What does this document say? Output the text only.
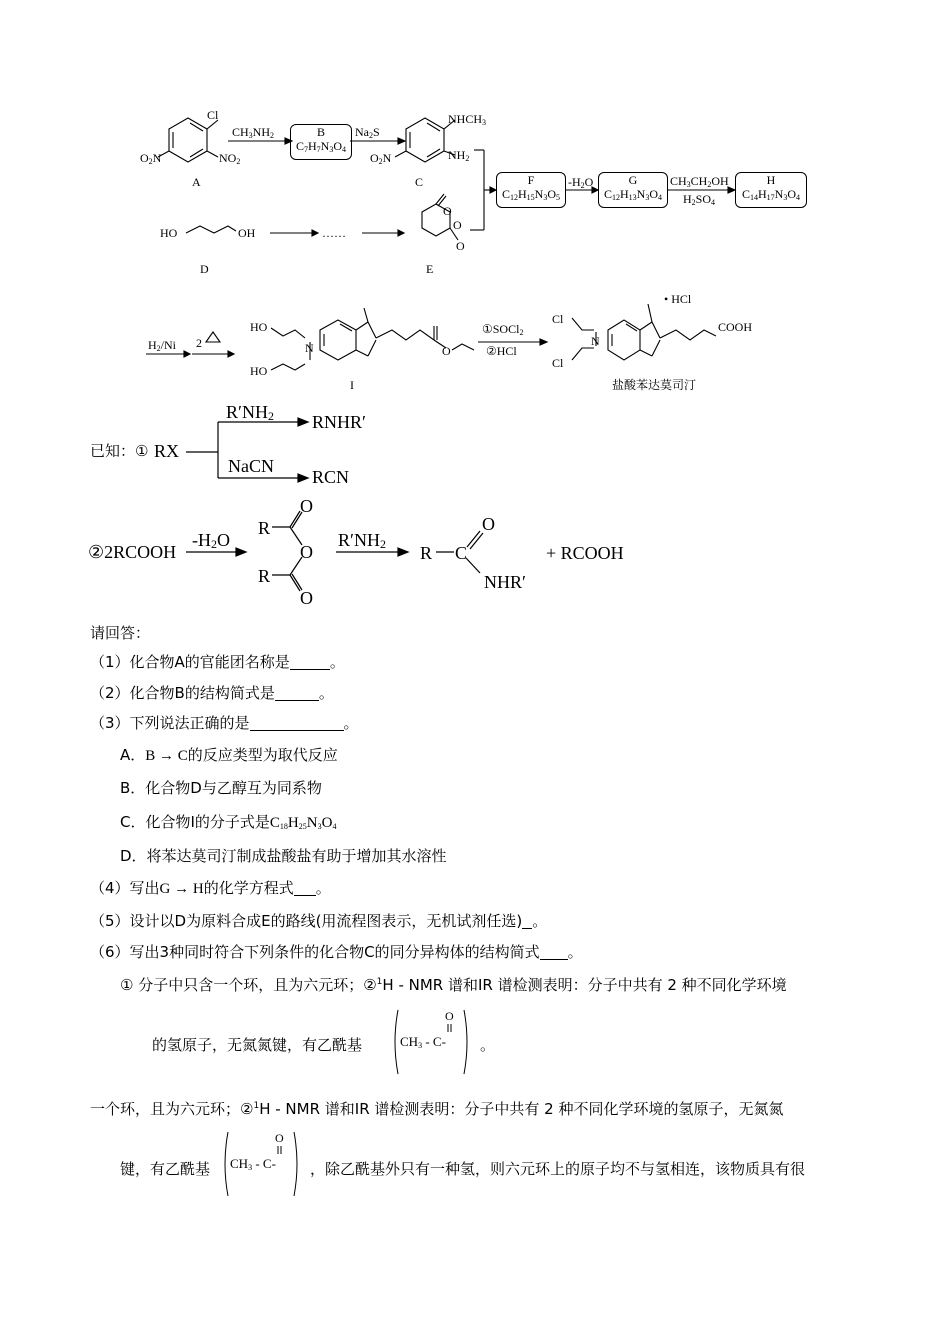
Cl
$NO_2$
$O_2N$
A
$CH_3NH_2$	B
$C_7H_7N_3O_4$
$Na_2S$
$NHCH_3$
$NH_2$
$O_2N$
C	F
$C_{12}H_{15}N_3O_5$
$-H_2O$	G
$C_{12}H_{13}N_3O_4$
$CH_3CH_2OH$
$H_2SO_4$
H
$C_{14}H_{17}N_3O_4$
HO	OH
D
……
O
O
O
E
$H_2/Ni$ 2
HO
HO
N	O
I
①SOCl$_2$
②HCl
• HCl
Cl
Cl
N
COOH
盐酸苯达莫司汀
已知：① RX
$R'NH_2$ RNHR′
NaCN
RCN
②2RCOOH
$-H_2O$
R
R
O
O
O
$R'NH_2$ R C
O
NHR′
+ RCOOH
请回答：
（1）化合物A的官能团名称是	。
（2）化合物B的结构简式是	。
（3）下列说法正确的是	。
A．B → C的反应类型为取代反应
B．化合物D与乙醇互为同系物
C．化合物I的分子式是$C_{18}H_{25}N_3O_4$
D．将苯达莫司汀制成盐酸盐有助于增加其水溶性
（4）写出G → H的化学方程式 。
（5）设计以D为原料合成E的路线(用流程图表示，无机试剂任选) 。
（6）写出3种同时符合下列条件的化合物C的同分异构体的结构简式 。
① 分子中只含一个环，且为六元环；②$^1$H - NMR 谱和IR 谱检测表明：分子中共有 2 种不同化学环境
的氢原子，无氮氮键，有乙酰基
O
$CH_3 - C-$ 。
一个环，且为六元环；②$^1$H - NMR 谱和IR 谱检测表明：分子中共有 2 种不同化学环境的氢原子，无氮氮
键，有乙酰基
O
$CH_3 - C-$ ，除乙酰基外只有一种氢，则六元环上的原子均不与氢相连，该物质具有很
